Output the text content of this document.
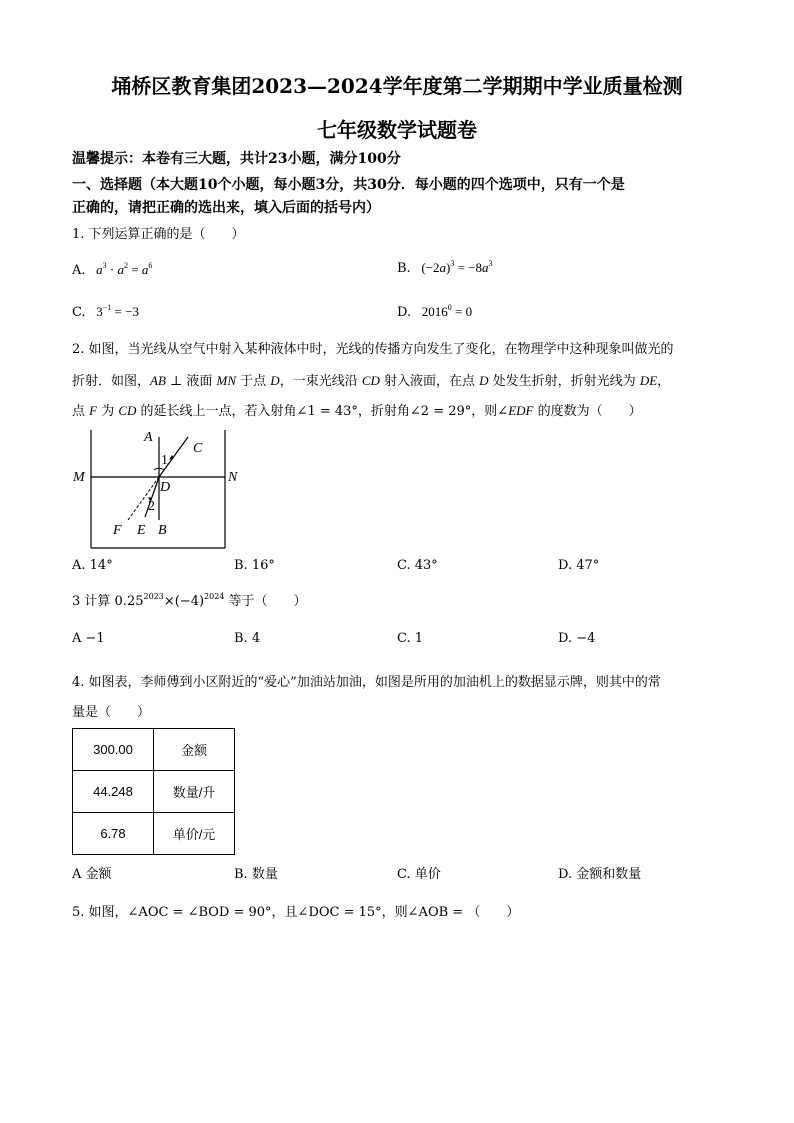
埇桥区教育集团2023—2024学年度第二学期期中学业质量检测
七年级数学试题卷
温馨提示：本卷有三大题，共计23小题，满分100分
一、选择题（本大题10个小题，每小题3分，共30分．每小题的四个选项中，只有一个是
正确的，请把正确的选出来，填入后面的括号内）
1. 下列运算正确的是（　　）
A. $a^3 \cdot a^2 = a^6$	B.   $(-2a)^3 = -8a^3$
C. $3^{-1} = -3$	D. $2016^0 = 0$
2. 如图，当光线从空气中射入某种液体中时，光线的传播方向发生了变化，在物理学中这种现象叫做光的
折射．如图，AB ⊥ 液面 MN 于点 D，一束光线沿 CD 射入液面，在点 D 处发生折射，折射光线为 DE，
点 F 为 CD 的延长线上一点，若入射角∠1 = 43°，折射角∠2 = 29°，则∠EDF 的度数为（　　）
A
C
M	N
D
1
2
F E B
A. 14°	B. 16°	C. 43°	D. 47°
3 计算 $0.25^{2023}\times(-4)^{2024}$ 等于（　　）
A −1	B. 4	C. 1	D. −4
4. 如图表，李师傅到小区附近的“爱心”加油站加油，如图是所用的加油机上的数据显示牌，则其中的常
量是（　　）
300.00	金额
44.248	数量/升
6.78	单价/元
A 金额	B. 数量	C. 单价	D. 金额和数量
5. 如图，∠AOC = ∠BOD = 90°，且∠DOC = 15°，则∠AOB = （　　）
